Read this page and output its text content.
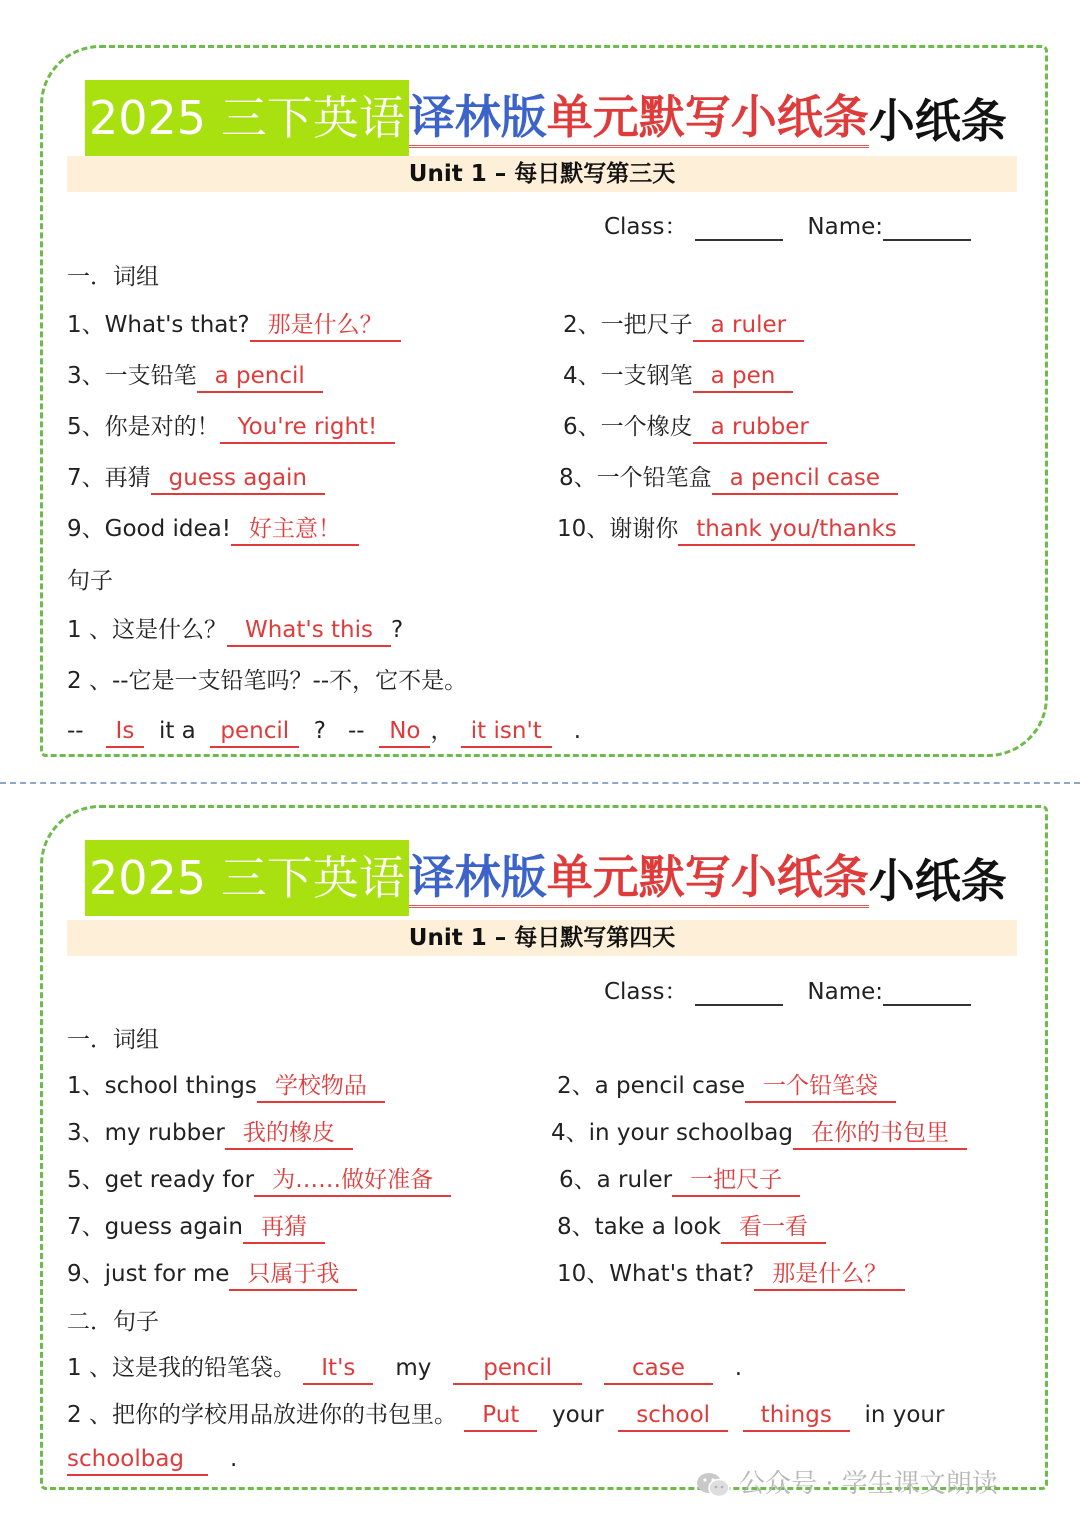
2025 三下英语 译林版 单元默写小纸条 小纸条
Unit 1 – 每日默写第三天
Class：	Name:
一．词组
1、What's that? 那是什么？	2、一把尺子 a ruler
3、一支铅笔 a pencil	4、一支钢笔 a pen
5、你是对的！ You're right!	6、一个橡皮 a rubber
7、再猜 guess again	8、一个铅笔盒 a pencil case
9、Good idea! 好主意！	10、谢谢你 thank you/thanks
句子
1 、这是什么？ What's this ?
2 、--它是一支铅笔吗？--不，它不是。
-- Is it a pencil ? -- No ， it isn't .
2025 三下英语 译林版 单元默写小纸条 小纸条
Unit 1 – 每日默写第四天
Class：	Name:
一．词组
1、school things 学校物品	2、a pencil case 一个铅笔袋
3、my rubber 我的橡皮	4、in your schoolbag 在你的书包里
5、get ready for 为……做好准备	6、a ruler 一把尺子
7、guess again 再猜	8、take a look 看一看
9、just for me 只属于我	10、What's that? 那是什么？
二．句子
1 、这是我的铅笔袋。 It's my pencil	case .
2 、把你的学校用品放进你的书包里。 Put your school things in your
schoolbag .
公众号 · 学生课文朗读
